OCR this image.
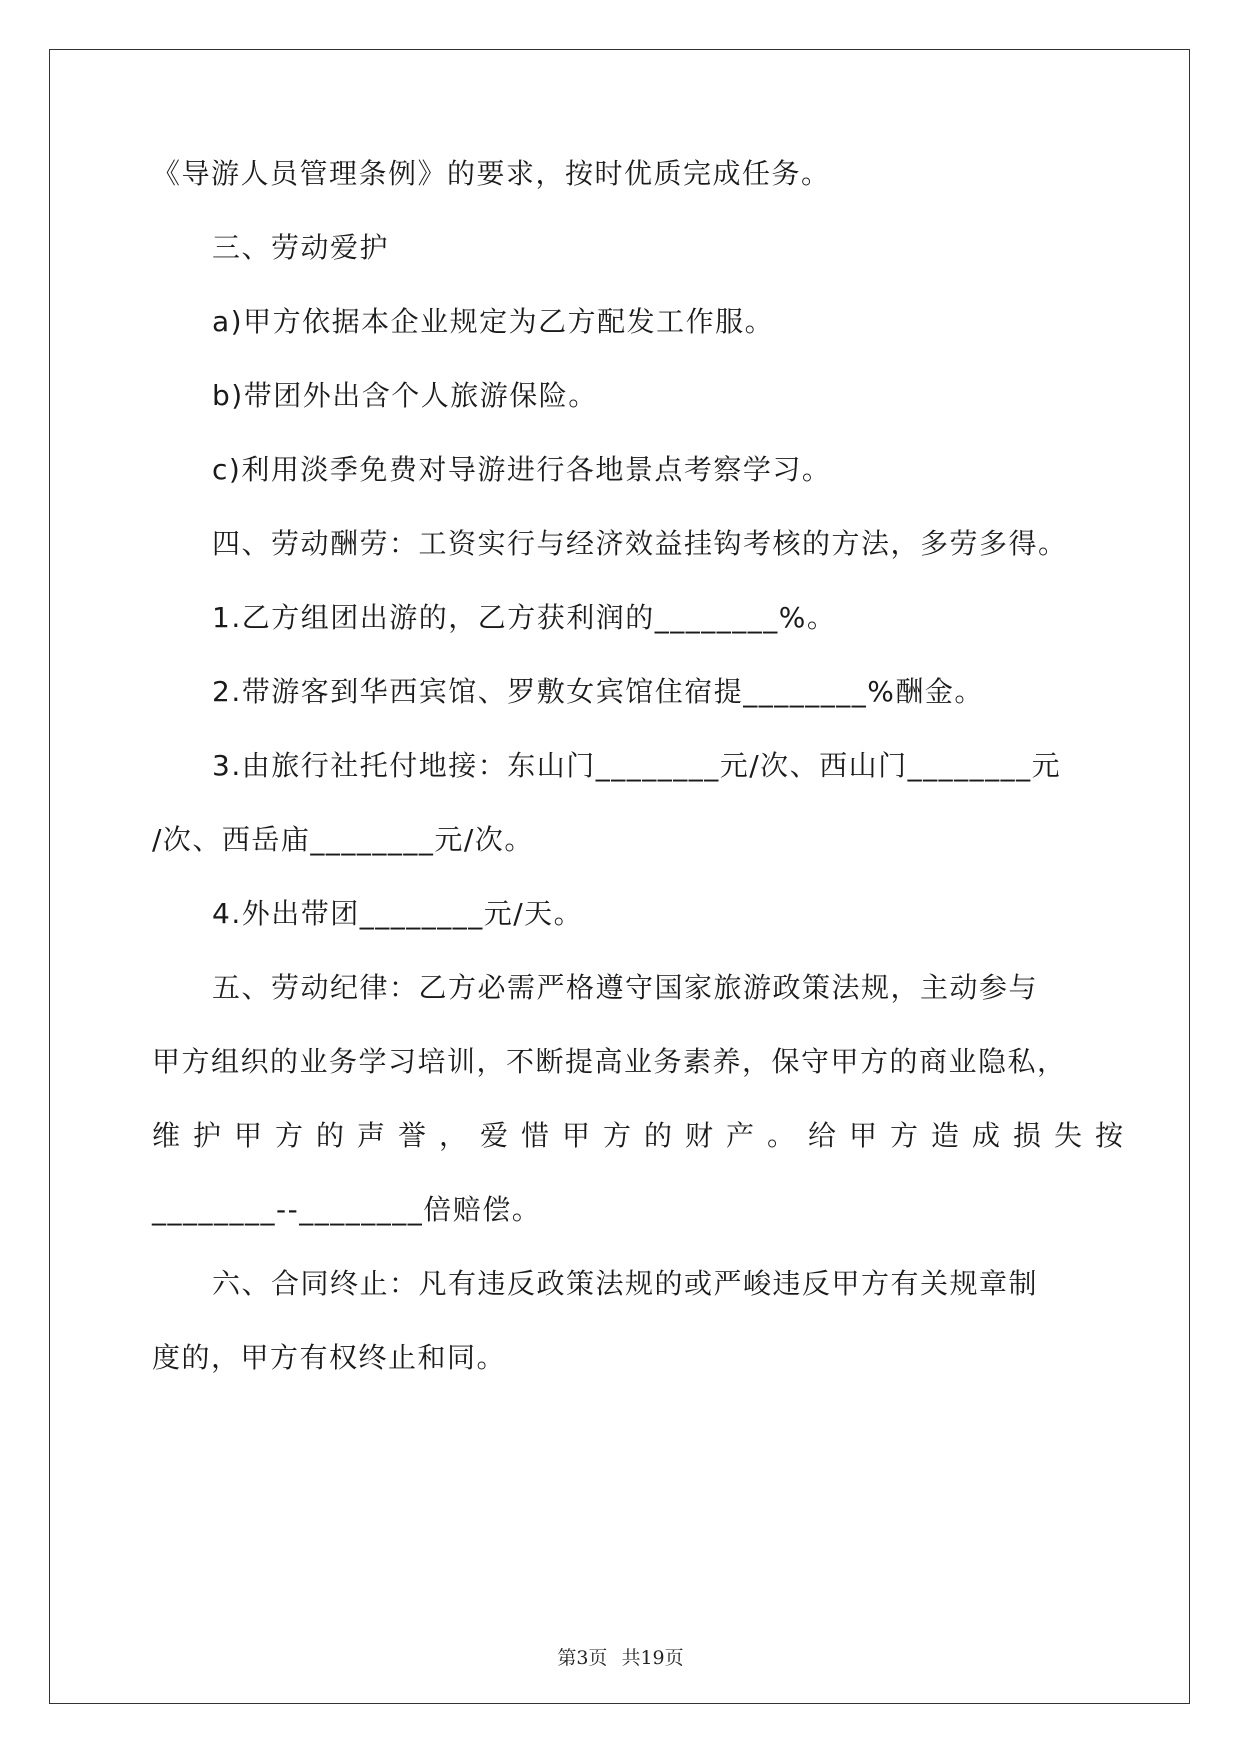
《导游人员管理条例》的要求，按时优质完成任务。

三、劳动爱护

a)甲方依据本企业规定为乙方配发工作服。

b)带团外出含个人旅游保险。

c)利用淡季免费对导游进行各地景点考察学习。

四、劳动酬劳：工资实行与经济效益挂钩考核的方法，多劳多得。

1.乙方组团出游的，乙方获利润的________%。

2.带游客到华西宾馆、罗敷女宾馆住宿提________%酬金。

3.由旅行社托付地接：东山门________元/次、西山门________元

/次、西岳庙________元/次。

4.外出带团________元/天。

五、劳动纪律：乙方必需严格遵守国家旅游政策法规，主动参与

甲方组织的业务学习培训，不断提高业务素养，保守甲方的商业隐私，

维护甲方的声誉，爱惜甲方的财产。给甲方造成损失按

________--________倍赔偿。

六、合同终止：凡有违反政策法规的或严峻违反甲方有关规章制

度的，甲方有权终止和同。

第3页 共19页
